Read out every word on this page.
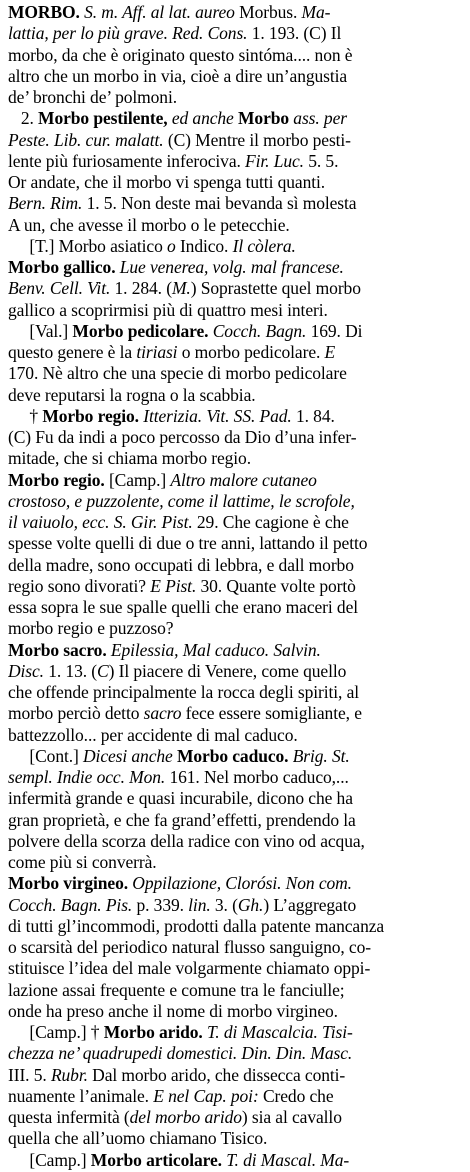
MORBO. S. m. Aff. al lat. aureo Morbus. Ma-
lattia, per lo più grave. Red. Cons. 1. 193. (C) Il
morbo, da che è originato questo sintóma.... non è
altro che un morbo in via, cioè a dire un’angustia
de’ bronchi de’ polmoni.
2. Morbo pestilente, ed anche Morbo ass. per
Peste. Lib. cur. malatt. (C) Mentre il morbo pesti-
lente più furiosamente inferociva. Fir. Luc. 5. 5.
Or andate, che il morbo vi spenga tutti quanti.
Bern. Rim. 1. 5. Non deste mai bevanda sì molesta
A un, che avesse il morbo o le petecchie.
[T.] Morbo asiatico o Indico. Il còlera.
Morbo gallico. Lue venerea, volg. mal francese.
Benv. Cell. Vit. 1. 284. (M.) Soprastette quel morbo
gallico a scoprirmisi più di quattro mesi interi.
[Val.] Morbo pedicolare. Cocch. Bagn. 169. Di
questo genere è la tiriasi o morbo pedicolare. E
170. Nè altro che una specie di morbo pedicolare
deve reputarsi la rogna o la scabbia.
† Morbo regio. Itterizia. Vit. SS. Pad. 1. 84.
(C) Fu da indi a poco percosso da Dio d’una infer-
mitade, che si chiama morbo regio.
Morbo regio. [Camp.] Altro malore cutaneo
crostoso, e puzzolente, come il lattime, le scrofole,
il vaiuolo, ecc. S. Gir. Pist. 29. Che cagione è che
spesse volte quelli di due o tre anni, lattando il petto
della madre, sono occupati di lebbra, e dall morbo
regio sono divorati? E Pist. 30. Quante volte portò
essa sopra le sue spalle quelli che erano maceri del
morbo regio e puzzoso?
Morbo sacro. Epilessia, Mal caduco. Salvin.
Disc. 1. 13. (C) Il piacere di Venere, come quello
che offende principalmente la rocca degli spiriti, al
morbo perciò detto sacro fece essere somigliante, e
battezzollo... per accidente di mal caduco.
[Cont.] Dicesi anche Morbo caduco. Brig. St.
sempl. Indie occ. Mon. 161. Nel morbo caduco,...
infermità grande e quasi incurabile, dicono che ha
gran proprietà, e che fa grand’effetti, prendendo la
polvere della scorza della radice con vino od acqua,
come più si converrà.
Morbo virgineo. Oppilazione, Clorósi. Non com.
Cocch. Bagn. Pis. p. 339. lin. 3. (Gh.) L’aggregato
di tutti gl’incommodi, prodotti dalla patente mancanza
o scarsità del periodico natural flusso sanguigno, co-
stituisce l’idea del male volgarmente chiamato oppi-
lazione assai frequente e comune tra le fanciulle;
onde ha preso anche il nome di morbo virgineo.
[Camp.] † Morbo arido. T. di Mascalcia. Tisi-
chezza ne’ quadrupedi domestici. Din. Din. Masc.
III. 5. Rubr. Dal morbo arido, che dissecca conti-
nuamente l’animale. E nel Cap. poi: Credo che
questa infermità (del morbo arido) sia al cavallo
quella che all’uomo chiamano Tisico.
[Camp.] Morbo articolare. T. di Mascal. Ma-
